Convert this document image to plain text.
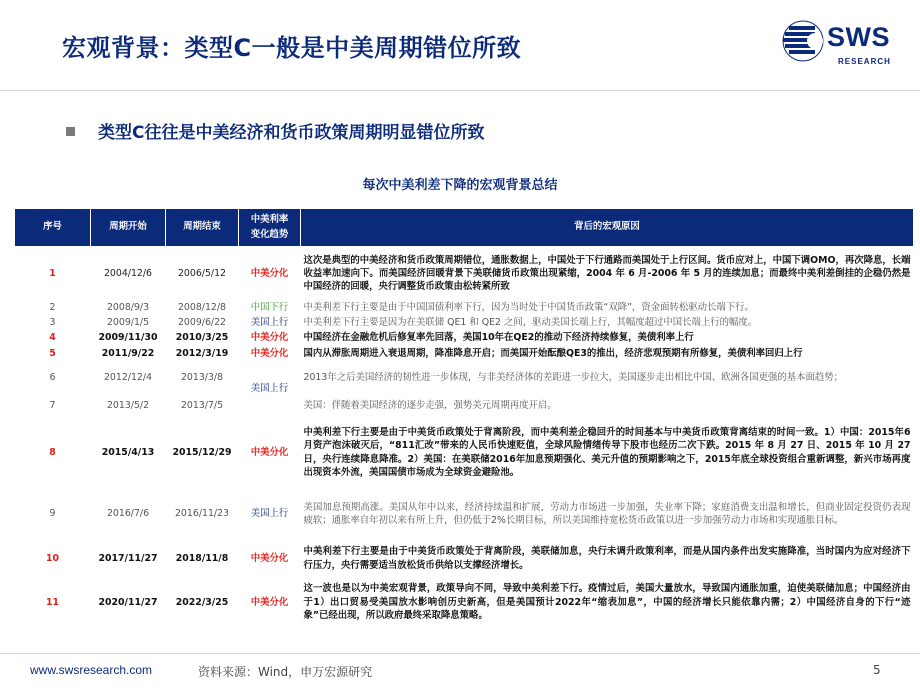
宏观背景：类型C一般是中美周期错位所致	SWS
RESEARCH
类型C往往是中美经济和货币政策周期明显错位所致
每次中美利差下降的宏观背景总结
序号	周期开始	周期结束	中美利率变化趋势	背后的宏观原因
1	2004/12/6	2006/5/12	中美分化	这次是典型的中美经济和货币政策周期错位，通胀数据上，中国处于下行通路而美国处于上行区间。货币应对上，中国下调OMO，再次降息，长端收益率加速向下。而美国经济回暖背景下美联储货币政策出现紧缩，2004 年 6 月-2006 年 5 月的连续加息；而最终中美利差倒挂的企稳仍然是中国经济的回暖，央行调整货币政策由松转紧所致
2	2008/9/3	2008/12/8	中国下行	中美利差下行主要是由于中国国债利率下行，因为当时处于中国货币政策“双降”，资金面转松驱动长端下行。
3	2009/1/5	2009/6/22	美国上行	中美利差下行主要是因为在美联储 QE1 和 QE2 之间，驱动美国长端上行，其幅度超过中国长端上行的幅度。
4	2009/11/30	2010/3/25	中美分化	中国经济在金融危机后修复率先回落，美国10年在QE2的推动下经济持续修复，美债利率上行
5	2011/9/22	2012/3/19	中美分化	国内从滞胀周期进入衰退周期，降准降息开启；而美国开始酝酿QE3的推出，经济悲观预期有所修复，美债利率回归上行
6	2012/12/4	2013/3/8	美国上行	2013年之后美国经济的韧性进一步体现，与非美经济体的差距进一步拉大，美国逐步走出相比中国、欧洲各国更强的基本面趋势；
7	2013/5/2	2013/7/5		美国：伴随着美国经济的逐步走强，强势美元周期再度开启。
8	2015/4/13	2015/12/29	中美分化	中美利差下行主要是由于中美货币政策处于背离阶段，而中美利差企稳回升的时间基本与中美货币政策背离结束的时间一致。1）中国：2015年6月资产泡沫破灭后，“811汇改”带来的人民币快速贬值，全球风险情绪传导下股市也经历二次下跌。2015 年 8 月 27 日、2015 年 10 月 27 日，央行连续降息降准。2）美国：在美联储2016年加息预期强化、美元升值的预期影响之下，2015年底全球投资组合重新调整，新兴市场再度出现资本外流，美国国债市场成为全球资金避险池。
9	2016/7/6	2016/11/23	美国上行	美国加息预期高涨。美国从年中以来，经济持续温和扩展，劳动力市场进一步加强，失业率下降；家庭消费支出温和增长，但商业固定投资仍表现疲软；通胀率自年初以来有所上升，但仍低于2%长期目标，所以美国维持宽松货币政策以进一步加强劳动力市场和实现通胀目标。
10	2017/11/27	2018/11/8	中美分化	中美利差下行主要是由于中美货币政策处于背离阶段，美联储加息，央行未调升政策利率，而是从国内条件出发实施降准，当时国内为应对经济下行压力，央行需要适当放松货币供给以支撑经济增长。
11	2020/11/27	2022/3/25	中美分化	这一波也是以为中美宏观背景，政策导向不同，导致中美利差下行。疫情过后，美国大量放水，导致国内通胀加重，迫使美联储加息；中国经济由于1）出口贸易受美国放水影响创历史新高，但是美国预计2022年“缩表加息”，中国的经济增长只能依靠内需；2）中国经济自身的下行“迹象”已经出现，所以政府最终采取降息策略。
www.swsresearch.com	资料来源：Wind，申万宏源研究	5
